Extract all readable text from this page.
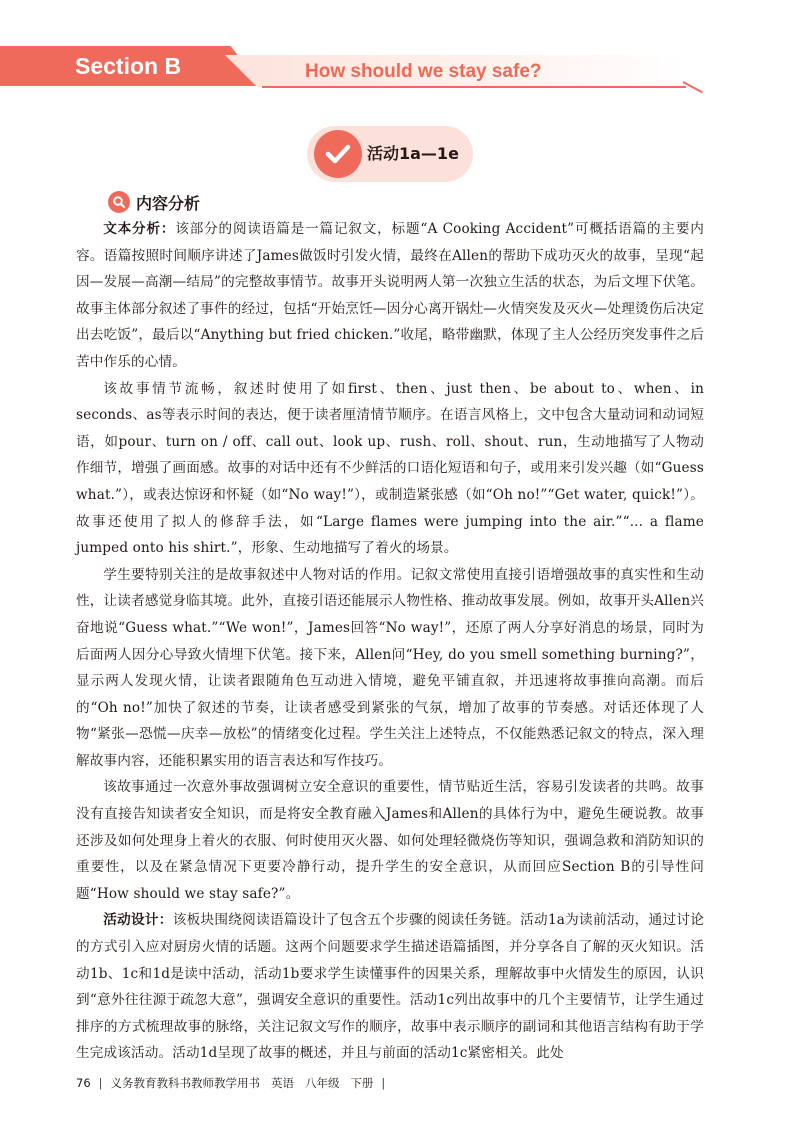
Section B	How should we stay safe?
活动1a—1e
内容分析

文本分析：该部分的阅读语篇是一篇记叙文，标题“A Cooking Accident”可概括语篇的主要内容。语篇按照时间顺序讲述了James做饭时引发火情，最终在Allen的帮助下成功灭火的故事，呈现“起因—发展—高潮—结局”的完整故事情节。故事开头说明两人第一次独立生活的状态，为后文埋下伏笔。故事主体部分叙述了事件的经过，包括“开始烹饪—因分心离开锅灶—火情突发及灭火—处理烫伤后决定出去吃饭”，最后以“Anything but fried chicken.”收尾，略带幽默，体现了主人公经历突发事件之后苦中作乐的心情。

该故事情节流畅，叙述时使用了如first、then、just then、be about to、when、in seconds、as等表示时间的表达，便于读者厘清情节顺序。在语言风格上，文中包含大量动词和动词短语，如pour、turn on / off、call out、look up、rush、roll、shout、run，生动地描写了人物动作细节，增强了画面感。故事的对话中还有不少鲜活的口语化短语和句子，或用来引发兴趣（如“Guess what.”），或表达惊讶和怀疑（如“No way!”），或制造紧张感（如“Oh no!”“Get water, quick!”）。故事还使用了拟人的修辞手法，如“Large flames were jumping into the air.”“... a flame jumped onto his shirt.”，形象、生动地描写了着火的场景。

学生要特别关注的是故事叙述中人物对话的作用。记叙文常使用直接引语增强故事的真实性和生动性，让读者感觉身临其境。此外，直接引语还能展示人物性格、推动故事发展。例如，故事开头Allen兴奋地说“Guess what.”“We won!”，James回答“No way!”，还原了两人分享好消息的场景，同时为后面两人因分心导致火情埋下伏笔。接下来，Allen问“Hey, do you smell something burning?”，显示两人发现火情，让读者跟随角色互动进入情境，避免平铺直叙，并迅速将故事推向高潮。而后的“Oh no!”加快了叙述的节奏，让读者感受到紧张的气氛，增加了故事的节奏感。对话还体现了人物“紧张—恐慌—庆幸—放松”的情绪变化过程。学生关注上述特点，不仅能熟悉记叙文的特点，深入理解故事内容，还能积累实用的语言表达和写作技巧。

该故事通过一次意外事故强调树立安全意识的重要性，情节贴近生活，容易引发读者的共鸣。故事没有直接告知读者安全知识，而是将安全教育融入James和Allen的具体行为中，避免生硬说教。故事还涉及如何处理身上着火的衣服、何时使用灭火器、如何处理轻微烧伤等知识，强调急救和消防知识的重要性，以及在紧急情况下更要冷静行动，提升学生的安全意识，从而回应Section B的引导性问题“How should we stay safe?”。

活动设计：该板块围绕阅读语篇设计了包含五个步骤的阅读任务链。活动1a为读前活动，通过讨论的方式引入应对厨房火情的话题。这两个问题要求学生描述语篇插图，并分享各自了解的灭火知识。活动1b、1c和1d是读中活动，活动1b要求学生读懂事件的因果关系，理解故事中火情发生的原因，认识到“意外往往源于疏忽大意”，强调安全意识的重要性。活动1c列出故事中的几个主要情节，让学生通过排序的方式梳理故事的脉络，关注记叙文写作的顺序，故事中表示顺序的副词和其他语言结构有助于学生完成该活动。活动1d呈现了故事的概述，并且与前面的活动1c紧密相关。此处

76 | 义务教育教科书教师教学用书 英语 八年级 下册 |
